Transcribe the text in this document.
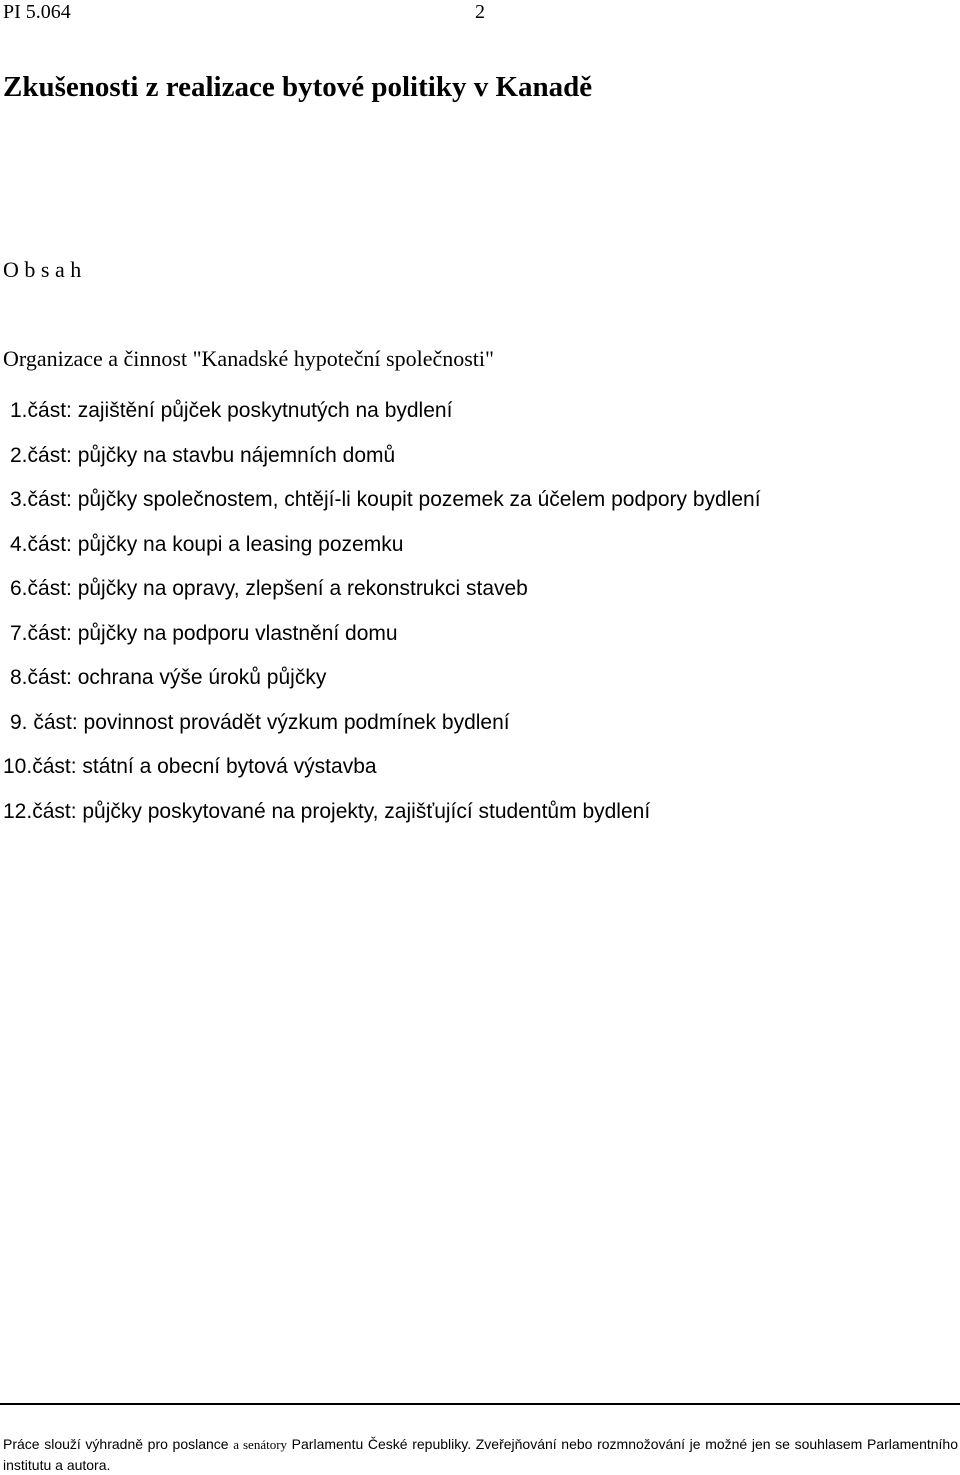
PI 5.064	2
Zkušenosti z realizace bytové politiky v Kanadě
O b s a h
Organizace a činnost "Kanadské hypoteční společnosti"
1.část: zajištění půjček poskytnutých na bydlení
2.část: půjčky na stavbu nájemních domů
3.část: půjčky společnostem, chtějí-li koupit pozemek za účelem podpory bydlení
4.část: půjčky na koupi a leasing pozemku
6.část: půjčky na opravy, zlepšení a rekonstrukci staveb
7.část: půjčky na podporu vlastnění domu
8.část: ochrana výše úroků půjčky
9. část: povinnost provádět výzkum podmínek bydlení
10.část: státní a obecní bytová výstavba
12.část: půjčky poskytované na projekty, zajišťující studentům bydlení
Práce slouží výhradně pro poslance a senátory Parlamentu České republiky. Zveřejňování nebo rozmnožování je možné jen se souhlasem Parlamentního institutu a autora.
